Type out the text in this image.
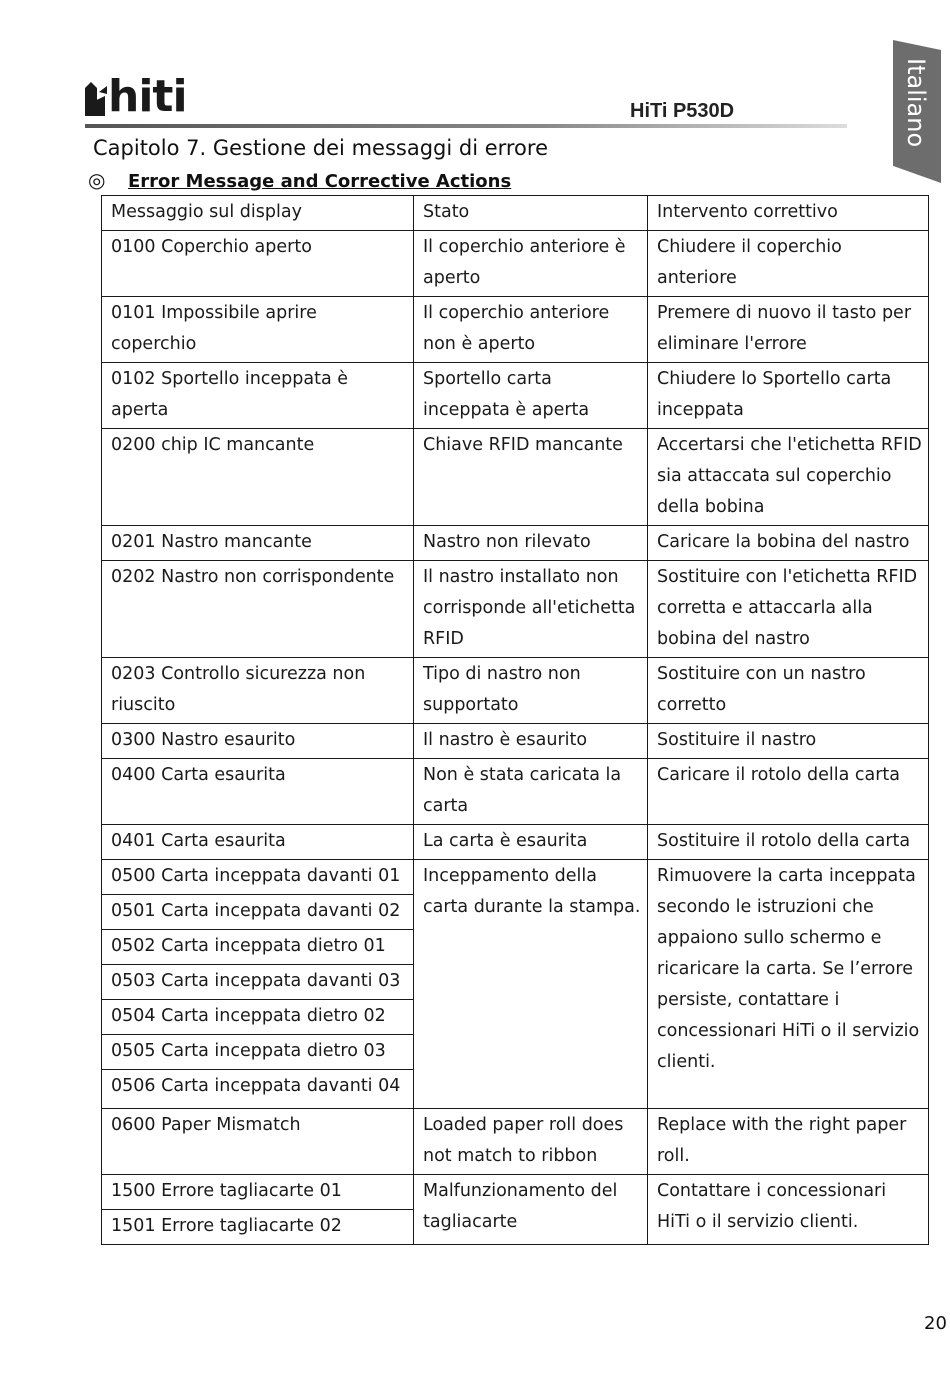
hiti	HiTi P530D	Italiano
Capitolo 7. Gestione dei messaggi di errore
◎ Error Message and Corrective Actions
Messaggio sul display	Stato	Intervento correttivo
0100 Coperchio aperto	Il coperchio anteriore è aperto	Chiudere il coperchio anteriore
0101 Impossibile aprire coperchio	Il coperchio anteriore non è aperto	Premere di nuovo il tasto per eliminare l'errore
0102 Sportello inceppata è aperta	Sportello carta inceppata è aperta	Chiudere lo Sportello carta inceppata
0200 chip IC mancante	Chiave RFID mancante	Accertarsi che l'etichetta RFID sia attaccata sul coperchio della bobina
0201 Nastro mancante	Nastro non rilevato	Caricare la bobina del nastro
0202 Nastro non corrispondente	Il nastro installato non corrisponde all'etichetta RFID	Sostituire con l'etichetta RFID corretta e attaccarla alla bobina del nastro
0203 Controllo sicurezza non riuscito	Tipo di nastro non supportato	Sostituire con un nastro corretto
0300 Nastro esaurito	Il nastro è esaurito	Sostituire il nastro
0400 Carta esaurita	Non è stata caricata la carta	Caricare il rotolo della carta
0401 Carta esaurita	La carta è esaurita	Sostituire il rotolo della carta
0500 Carta inceppata davanti 01	Inceppamento della carta durante la stampa.	Rimuovere la carta inceppata secondo le istruzioni che appaiono sullo schermo e ricaricare la carta. Se l’errore persiste, contattare i concessionari HiTi o il servizio clienti.
0501 Carta inceppata davanti 02		
0502 Carta inceppata dietro 01		
0503 Carta inceppata davanti 03		
0504 Carta inceppata dietro 02		
0505 Carta inceppata dietro 03		
0506 Carta inceppata davanti 04		
0600 Paper Mismatch	Loaded paper roll does not match to ribbon	Replace with the right paper roll.
1500 Errore tagliacarte 01	Malfunzionamento del tagliacarte	Contattare i concessionari HiTi o il servizio clienti.
1501 Errore tagliacarte 02		
20
